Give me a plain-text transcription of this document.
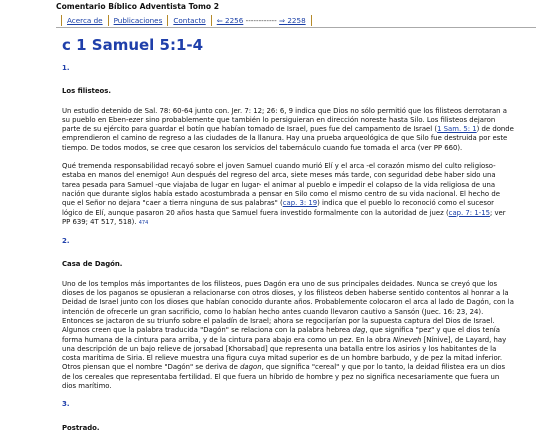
Comentario Bíblico Adventista Tomo 2
Acerca de Publicaciones Contacto ⇐ 2256 ------------ ⇒ 2258
c 1 Samuel 5:1-4
1.
Los filisteos.

Un estudio detenido de Sal. 78: 60-64 junto con. Jer. 7: 12; 26: 6, 9 indica que Dios no sólo permitió que los filisteos derrotaran a su pueblo en Eben-ezer sino probablemente que también lo persiguieran en dirección noreste hasta Silo. Los filisteos dejaron parte de su ejército para guardar el botín que habían tomado de Israel, pues fue del campamento de Israel (1 Sam. 5: 1) de donde emprendieron el camino de regreso a las ciudades de la llanura. Hay una prueba arqueológica de que Silo fue destruida por este tiempo. De todos modos, se cree que cesaron los servicios del tabernáculo cuando fue tomada el arca (ver PP 660).

Qué tremenda responsabilidad recayó sobre el joven Samuel cuando murió Elí y el arca -el corazón mismo del culto religioso- estaba en manos del enemigo! Aun después del regreso del arca, siete meses más tarde, con seguridad debe haber sido una tarea pesada para Samuel -que viajaba de lugar en lugar- el animar al pueblo e impedir el colapso de la vida religiosa de una nación que durante siglos había estado acostumbrada a pensar en Silo como el mismo centro de su vida nacional. El hecho de que el Señor no dejara "caer a tierra ninguna de sus palabras" (cap. 3: 19) indica que el pueblo lo reconoció como el sucesor lógico de Elí, aunque pasaron 20 años hasta que Samuel fuera investido formalmente con la autoridad de juez (cap. 7: 1-15; ver PP 639; 4T 517, 518). 474

2.
Casa de Dagón.

Uno de los templos más importantes de los filisteos, pues Dagón era uno de sus principales deidades. Nunca se creyó que los dioses de los paganos se opusieran a relacionarse con otros dioses, y los filisteos deben haberse sentido contentos al honrar a la Deidad de Israel junto con los dioses que habían conocido durante años. Probablemente colocaron el arca al lado de Dagón, con la intención de ofrecerle un gran sacrificio, como lo habían hecho antes cuando llevaron cautivo a Sansón (Juec. 16: 23, 24). Entonces se jactaron de su triunfo sobre el paladín de Israel; ahora se regocijarían por la supuesta captura del Dios de Israel. Algunos creen que la palabra traducida "Dagón" se relaciona con la palabra hebrea dag, que significa "pez" y que el dios tenía forma humana de la cintura para arriba, y de la cintura para abajo era como un pez. En la obra Nineveh [Nínive], de Layard, hay una descripción de un bajo relieve de jorsabad [Khorsabad] que representa una batalla entre los asirios y los habitantes de la costa marítima de Siria. El relieve muestra una figura cuya mitad superior es de un hombre barbudo, y de pez la mitad inferior. Otros piensan que el nombre "Dagón" se deriva de dagon, que significa "cereal" y que por lo tanto, la deidad filistea era un dios de los cereales que representaba fertilidad. El que fuera un híbrido de hombre y pez no significa necesariamente que fuera un dios marítimo.

3.
Postrado.
